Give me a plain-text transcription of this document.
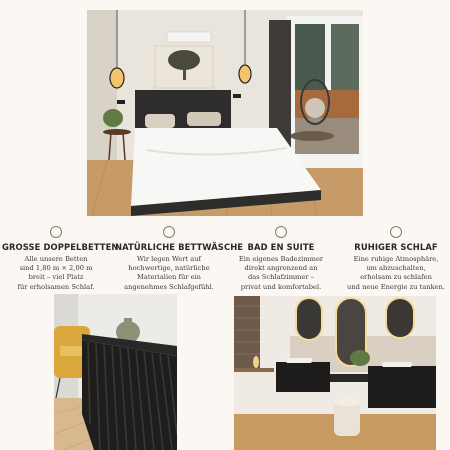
GROSSE DOPPELBETTEN
Alle unsere Betten
sind 1,80 m × 2,00 m
breit – viel Platz
für erholsamen Schlaf.
NATÜRLICHE BETTWÄSCHE
Wir legen Wert auf
hochwertige, natürliche
Materialien für ein
angenehmes Schlafgefühl.
BAD EN SUITE
Ein eigenes Badezimmer
direkt angrenzend an
das Schlafzimmer –
privat und komfortabel.
RUHIGER SCHLAF
Eine ruhige Atmosphäre,
um abzuschalten,
erholsam zu schlafen
und neue Energie zu tanken.
